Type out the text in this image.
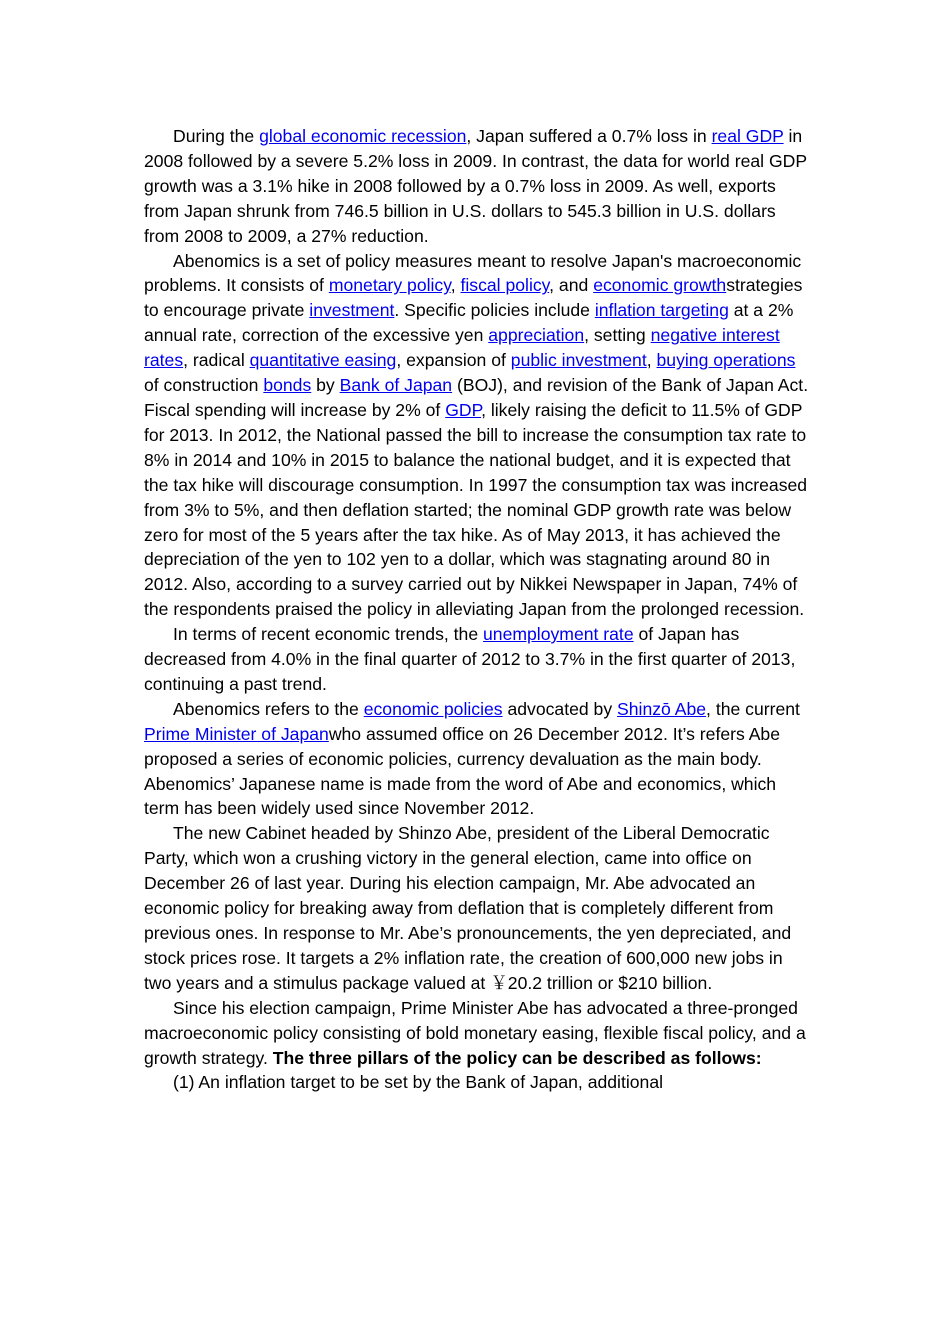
During the global economic recession, Japan suffered a 0.7% loss in real GDP in 2008 followed by a severe 5.2% loss in 2009. In contrast, the data for world real GDP growth was a 3.1% hike in 2008 followed by a 0.7% loss in 2009. As well, exports from Japan shrunk from 746.5 billion in U.S. dollars to 545.3 billion in U.S. dollars from 2008 to 2009, a 27% reduction.

Abenomics is a set of policy measures meant to resolve Japan's macroeconomic problems. It consists of monetary policy, fiscal policy, and economic growthstrategies to encourage private investment. Specific policies include inflation targeting at a 2% annual rate, correction of the excessive yen appreciation, setting negative interest rates, radical quantitative easing, expansion of public investment, buying operations of construction bonds by Bank of Japan (BOJ), and revision of the Bank of Japan Act. Fiscal spending will increase by 2% of GDP, likely raising the deficit to 11.5% of GDP for 2013. In 2012, the National passed the bill to increase the consumption tax rate to 8% in 2014 and 10% in 2015 to balance the national budget, and it is expected that the tax hike will discourage consumption. In 1997 the consumption tax was increased from 3% to 5%, and then deflation started; the nominal GDP growth rate was below zero for most of the 5 years after the tax hike. As of May 2013, it has achieved the depreciation of the yen to 102 yen to a dollar, which was stagnating around 80 in 2012. Also, according to a survey carried out by Nikkei Newspaper in Japan, 74% of the respondents praised the policy in alleviating Japan from the prolonged recession.

In terms of recent economic trends, the unemployment rate of Japan has decreased from 4.0% in the final quarter of 2012 to 3.7% in the first quarter of 2013, continuing a past trend.

Abenomics refers to the economic policies advocated by Shinzō Abe, the current Prime Minister of Japanwho assumed office on 26 December 2012. It’s refers Abe proposed a series of economic policies, currency devaluation as the main body. Abenomics’ Japanese name is made from the word of Abe and economics, which term has been widely used since November 2012.

The new Cabinet headed by Shinzo Abe, president of the Liberal Democratic Party, which won a crushing victory in the general election, came into office on December 26 of last year. During his election campaign, Mr. Abe advocated an economic policy for breaking away from deflation that is completely different from previous ones. In response to Mr. Abe’s pronouncements, the yen depreciated, and stock prices rose. It targets a 2% inflation rate, the creation of 600,000 new jobs in two years and a stimulus package valued at ￥20.2 trillion or $210 billion.

Since his election campaign, Prime Minister Abe has advocated a three-pronged macroeconomic policy consisting of bold monetary easing, flexible fiscal policy, and a growth strategy. The three pillars of the policy can be described as follows:

(1) An inflation target to be set by the Bank of Japan, additional
